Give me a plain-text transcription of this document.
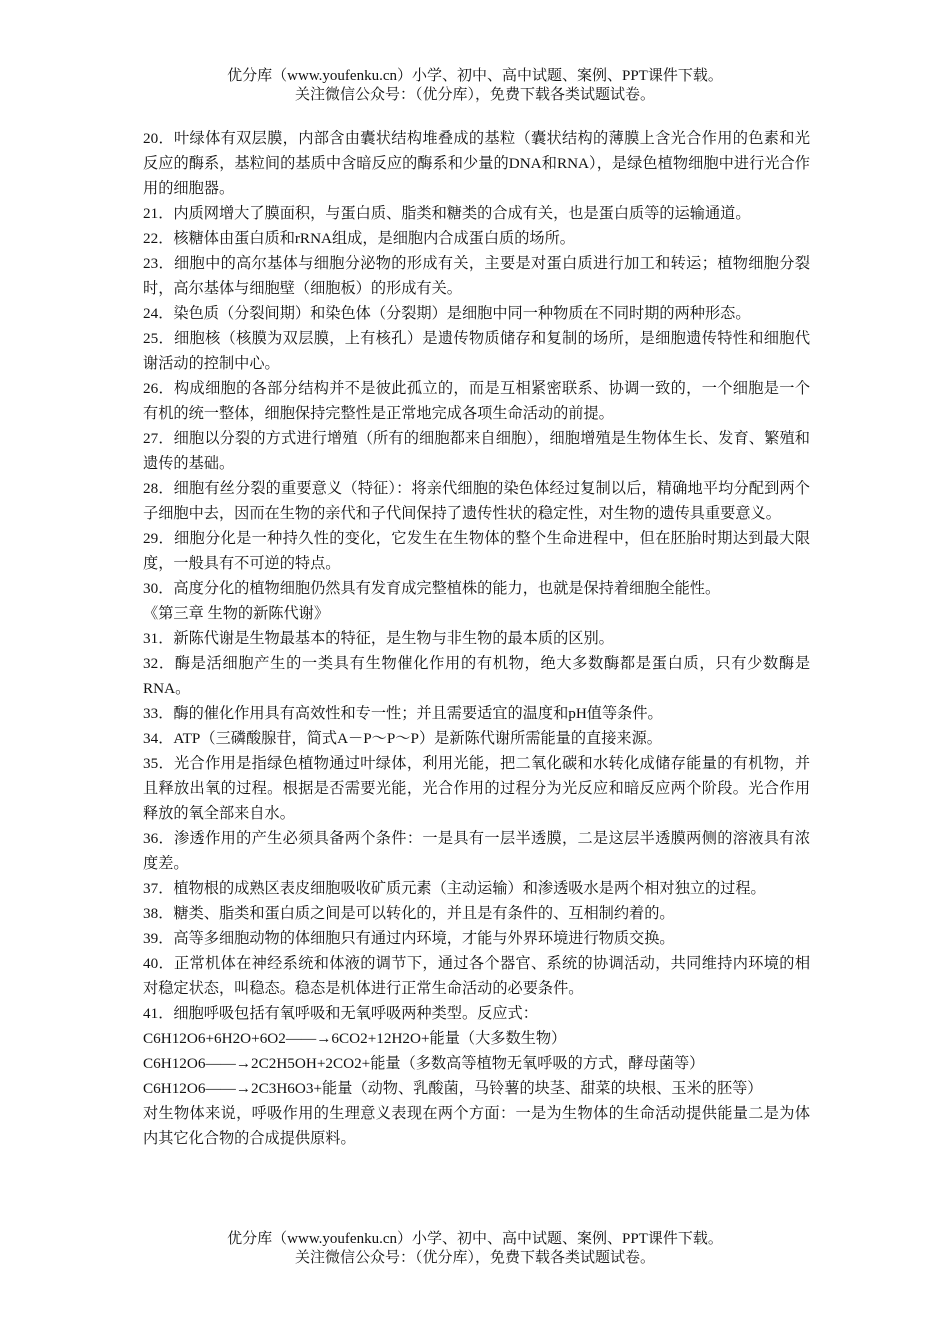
优分库（www.youfenku.cn）小学、初中、高中试题、案例、PPT课件下载。
关注微信公众号：（优分库），免费下载各类试题试卷。

20．叶绿体有双层膜，内部含由囊状结构堆叠成的基粒（囊状结构的薄膜上含光合作用的色素和光反应的酶系，基粒间的基质中含暗反应的酶系和少量的DNA和RNA），是绿色植物细胞中进行光合作用的细胞器。

21．内质网增大了膜面积，与蛋白质、脂类和糖类的合成有关，也是蛋白质等的运输通道。

22．核糖体由蛋白质和rRNA组成，是细胞内合成蛋白质的场所。

23．细胞中的高尔基体与细胞分泌物的形成有关，主要是对蛋白质进行加工和转运；植物细胞分裂时，高尔基体与细胞壁（细胞板）的形成有关。

24．染色质（分裂间期）和染色体（分裂期）是细胞中同一种物质在不同时期的两种形态。

25．细胞核（核膜为双层膜，上有核孔）是遗传物质储存和复制的场所，是细胞遗传特性和细胞代谢活动的控制中心。

26．构成细胞的各部分结构并不是彼此孤立的，而是互相紧密联系、协调一致的，一个细胞是一个有机的统一整体，细胞保持完整性是正常地完成各项生命活动的前提。

27．细胞以分裂的方式进行增殖（所有的细胞都来自细胞），细胞增殖是生物体生长、发育、繁殖和遗传的基础。

28．细胞有丝分裂的重要意义（特征）：将亲代细胞的染色体经过复制以后，精确地平均分配到两个子细胞中去，因而在生物的亲代和子代间保持了遗传性状的稳定性，对生物的遗传具重要意义。

29．细胞分化是一种持久性的变化，它发生在生物体的整个生命进程中，但在胚胎时期达到最大限度，一般具有不可逆的特点。

30．高度分化的植物细胞仍然具有发育成完整植株的能力，也就是保持着细胞全能性。

《第三章 生物的新陈代谢》

31．新陈代谢是生物最基本的特征，是生物与非生物的最本质的区别。

32．酶是活细胞产生的一类具有生物催化作用的有机物，绝大多数酶都是蛋白质，只有少数酶是RNA。

33．酶的催化作用具有高效性和专一性；并且需要适宜的温度和pH值等条件。

34．ATP（三磷酸腺苷，简式A－P～P～P）是新陈代谢所需能量的直接来源。

35．光合作用是指绿色植物通过叶绿体，利用光能，把二氧化碳和水转化成储存能量的有机物，并且释放出氧的过程。根据是否需要光能，光合作用的过程分为光反应和暗反应两个阶段。光合作用释放的氧全部来自水。

36．渗透作用的产生必须具备两个条件：一是具有一层半透膜，二是这层半透膜两侧的溶液具有浓度差。

37．植物根的成熟区表皮细胞吸收矿质元素（主动运输）和渗透吸水是两个相对独立的过程。

38．糖类、脂类和蛋白质之间是可以转化的，并且是有条件的、互相制约着的。

39．高等多细胞动物的体细胞只有通过内环境，才能与外界环境进行物质交换。

40．正常机体在神经系统和体液的调节下，通过各个器官、系统的协调活动，共同维持内环境的相对稳定状态，叫稳态。稳态是机体进行正常生命活动的必要条件。

41．细胞呼吸包括有氧呼吸和无氧呼吸两种类型。反应式：

C6H12O6+6H2O+6O2——→6CO2+12H2O+能量（大多数生物）

C6H12O6——→2C2H5OH+2CO2+能量（多数高等植物无氧呼吸的方式，酵母菌等）

C6H12O6——→2C3H6O3+能量（动物、乳酸菌，马铃薯的块茎、甜菜的块根、玉米的胚等）

对生物体来说，呼吸作用的生理意义表现在两个方面：一是为生物体的生命活动提供能量二是为体内其它化合物的合成提供原料。

优分库（www.youfenku.cn）小学、初中、高中试题、案例、PPT课件下载。
关注微信公众号：（优分库），免费下载各类试题试卷。
